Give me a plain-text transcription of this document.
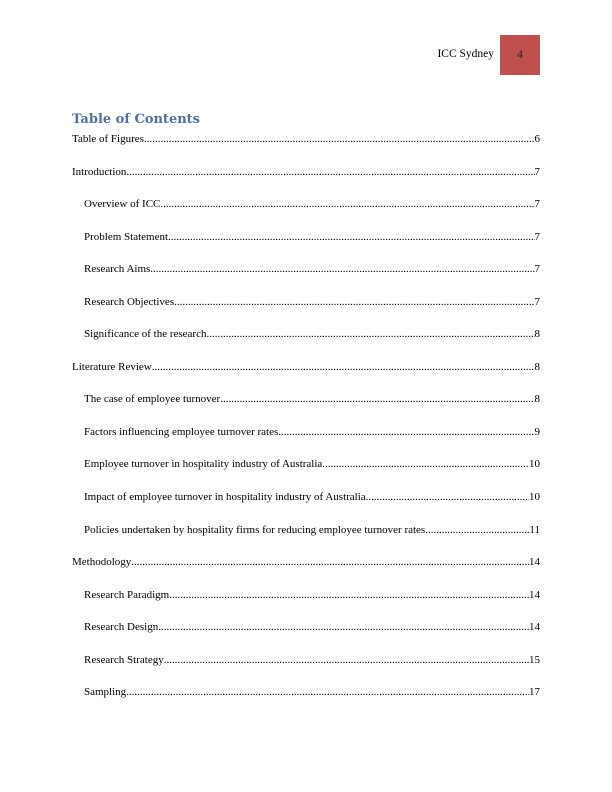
ICC Sydney 4
Table of Contents
Table of Figures .....	6
Introduction .....	7
Overview of ICC .....	7
Problem Statement .....	7
Research Aims .....	7
Research Objectives .....	7
Significance of the research .....	8
Literature Review .....	8
The case of employee turnover .....	8
Factors influencing employee turnover rates .....	9
Employee turnover in hospitality industry of Australia .....	10
Impact of employee turnover in hospitality industry of Australia .....	10
Policies undertaken by hospitality firms for reducing employee turnover rates .....	11
Methodology .....	14
Research Paradigm .....	14
Research Design .....	14
Research Strategy .....	15
Sampling .....	17
